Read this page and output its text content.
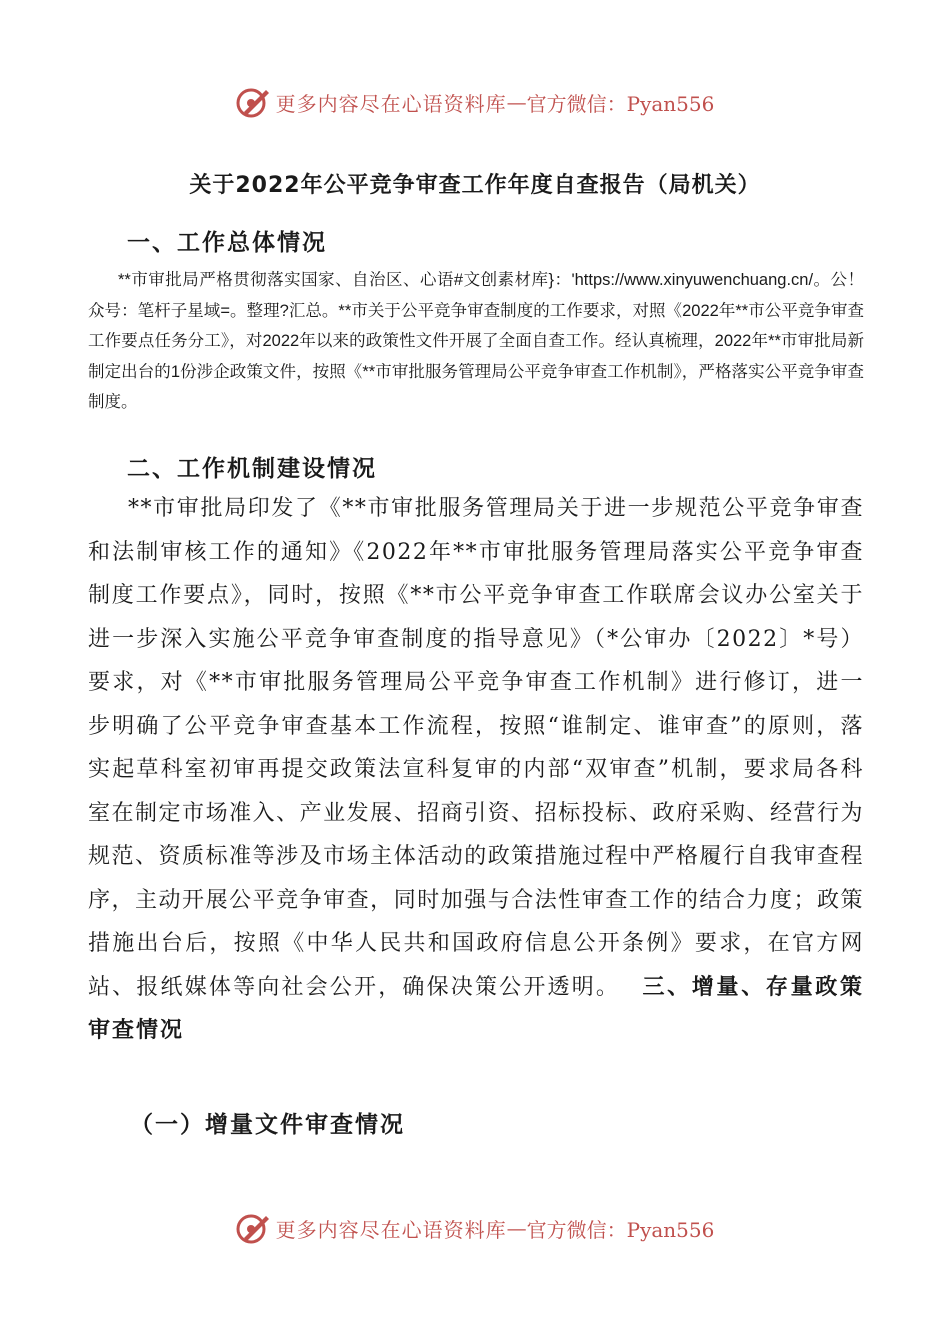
更多内容尽在心语资料库 — 官方微信：Pyan556
关于2022年公平竞争审查工作年度自查报告（局机关）
一、工作总体情况

**市审批局严格贯彻落实国家、自治区、心语#文创素材库}：'https://www.xinyuwenchuang.cn/。公！众号：笔杆子星域=。整理?汇总。**市关于公平竞争审查制度的工作要求，对照《2022年**市公平竞争审查工作要点任务分工》，对2022年以来的政策性文件开展了全面自查工作。经认真梳理，2022年**市审批局新制定出台的1份涉企政策文件，按照《**市审批服务管理局公平竞争审查工作机制》，严格落实公平竞争审查制度。

二、工作机制建设情况

**市审批局印发了《**市审批服务管理局关于进一步规范公平竞争审查和法制审核工作的通知》《2022年**市审批服务管理局落实公平竞争审查制度工作要点》，同时，按照《**市公平竞争审查工作联席会议办公室关于进一步深入实施公平竞争审查制度的指导意见》（*公审办〔2022〕*号）要求，对《**市审批服务管理局公平竞争审查工作机制》进行修订，进一步明确了公平竞争审查基本工作流程，按照“谁制定、谁审查”的原则，落实起草科室初审再提交政策法宣科复审的内部“双审查”机制，要求局各科室在制定市场准入、产业发展、招商引资、招标投标、政府采购、经营行为规范、资质标准等涉及市场主体活动的政策措施过程中严格履行自我审查程序，主动开展公平竞争审查，同时加强与合法性审查工作的结合力度；政策措施出台后，按照《中华人民共和国政府信息公开条例》要求，在官方网站、报纸媒体等向社会公开，确保决策公开透明。　 三、增量、存量政策审查情况

（一）增量文件审查情况
更多内容尽在心语资料库 — 官方微信：Pyan556
